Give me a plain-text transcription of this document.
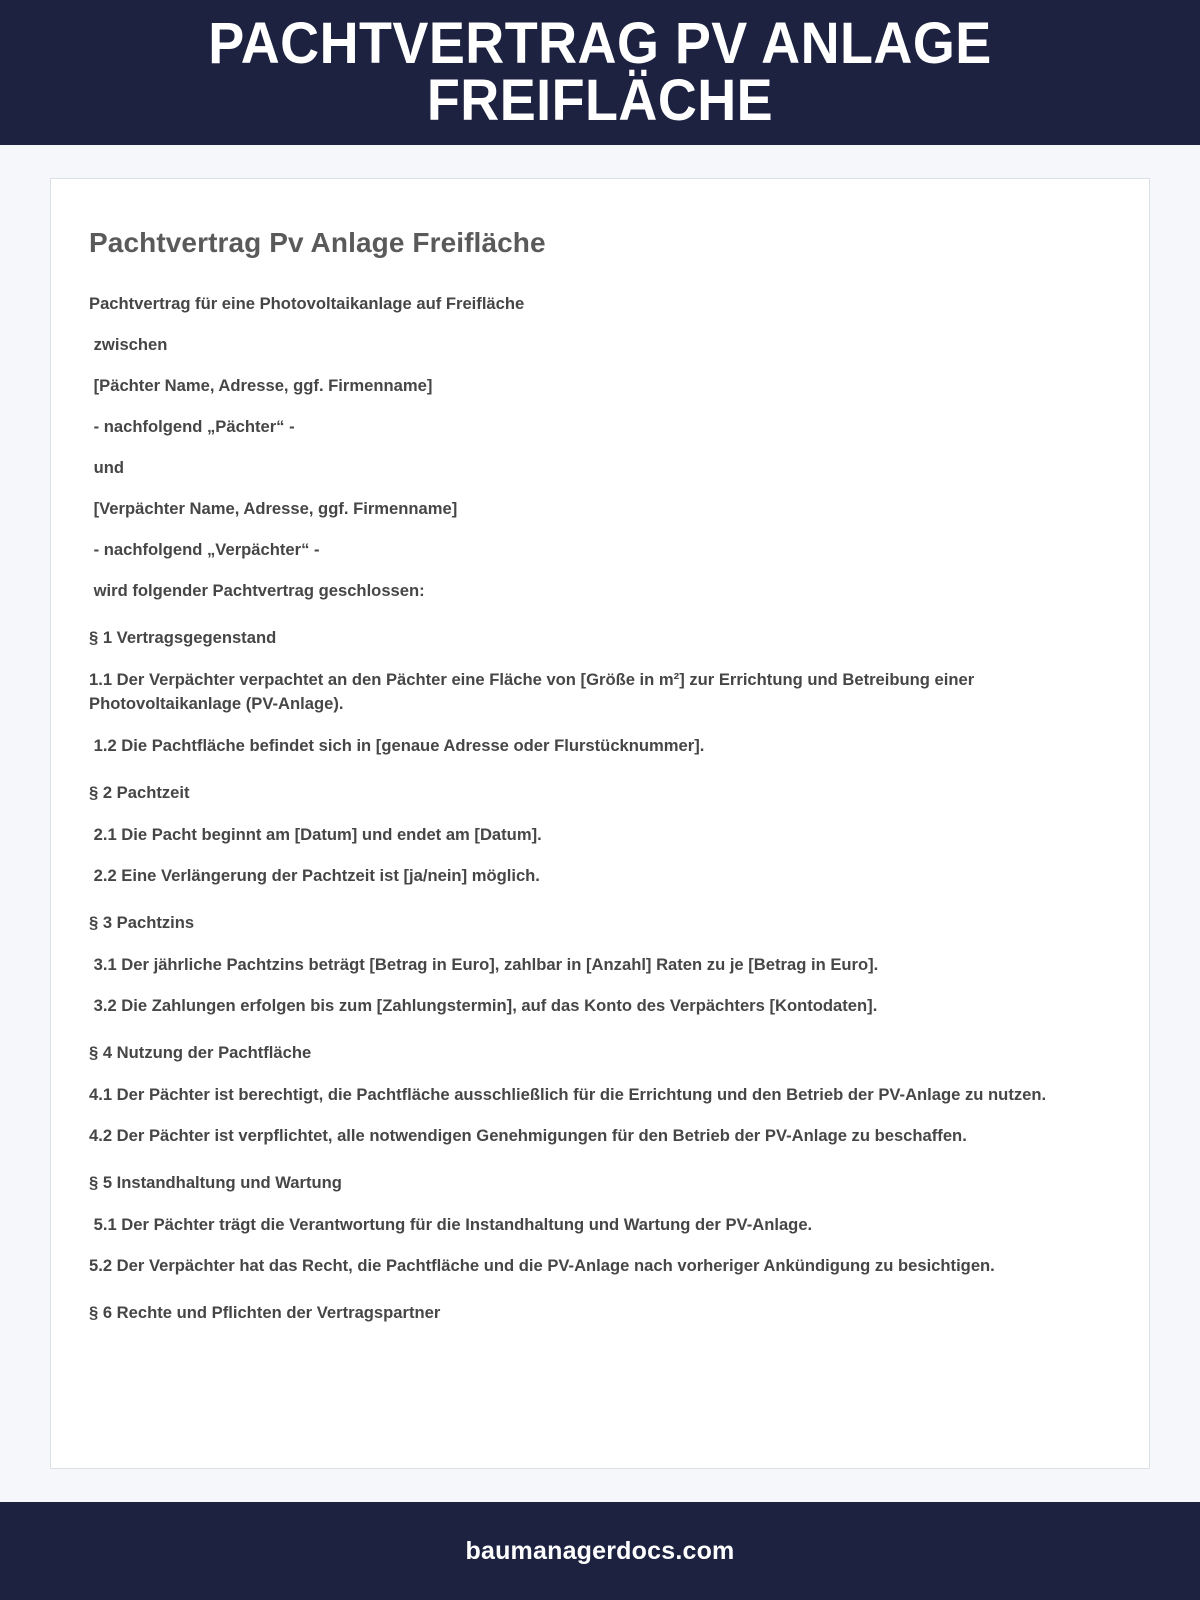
PACHTVERTRAG PV ANLAGE FREIFLÄCHE
Pachtvertrag Pv Anlage Freifläche

Pachtvertrag für eine Photovoltaikanlage auf Freifläche

zwischen

[Pächter Name, Adresse, ggf. Firmenname]

- nachfolgend „Pächter“ -

und

[Verpächter Name, Adresse, ggf. Firmenname]

- nachfolgend „Verpächter“ -

wird folgender Pachtvertrag geschlossen:

§ 1 Vertragsgegenstand

1.1 Der Verpächter verpachtet an den Pächter eine Fläche von [Größe in m²] zur Errichtung und Betreibung einer Photovoltaikanlage (PV-Anlage).

1.2 Die Pachtfläche befindet sich in [genaue Adresse oder Flurstücknummer].

§ 2 Pachtzeit

2.1 Die Pacht beginnt am [Datum] und endet am [Datum].

2.2 Eine Verlängerung der Pachtzeit ist [ja/nein] möglich.

§ 3 Pachtzins

3.1 Der jährliche Pachtzins beträgt [Betrag in Euro], zahlbar in [Anzahl] Raten zu je [Betrag in Euro].

3.2 Die Zahlungen erfolgen bis zum [Zahlungstermin], auf das Konto des Verpächters [Kontodaten].

§ 4 Nutzung der Pachtfläche

4.1 Der Pächter ist berechtigt, die Pachtfläche ausschließlich für die Errichtung und den Betrieb der PV-Anlage zu nutzen.

4.2 Der Pächter ist verpflichtet, alle notwendigen Genehmigungen für den Betrieb der PV-Anlage zu beschaffen.

§ 5 Instandhaltung und Wartung

5.1 Der Pächter trägt die Verantwortung für die Instandhaltung und Wartung der PV-Anlage.

5.2 Der Verpächter hat das Recht, die Pachtfläche und die PV-Anlage nach vorheriger Ankündigung zu besichtigen.

§ 6 Rechte und Pflichten der Vertragspartner

baumanagerdocs.com
